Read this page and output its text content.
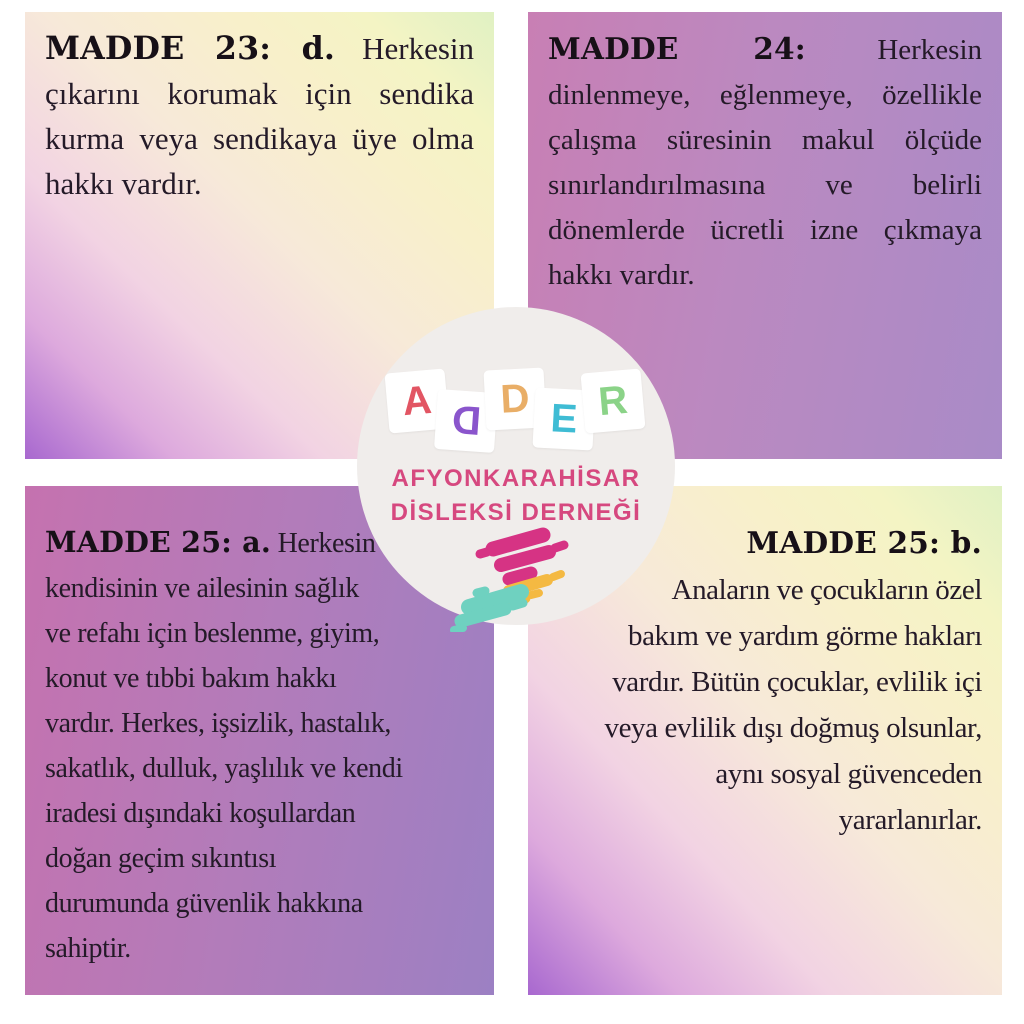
MADDE 23: d. Herkesin
çıkarını korumak için sendika
kurma veya sendikaya üye olma
hakkı vardır.
MADDE 24: Herkesin
dinlenmeye, eğlenmeye, özellikle
çalışma süresinin makul ölçüde
sınırlandırılmasına ve belirli
dönemlerde ücretli izne çıkmaya
hakkı vardır.
MADDE 25: a. Herkesin
kendisinin ve ailesinin sağlık
ve refahı için beslenme, giyim,
konut ve tıbbi bakım hakkı
vardır. Herkes, işsizlik, hastalık,
sakatlık, dulluk, yaşlılık ve kendi
iradesi dışındaki koşullardan
doğan geçim sıkıntısı
durumunda güvenlik hakkına
sahiptir.
MADDE 25: b.
Anaların ve çocukların özel
bakım ve yardım görme hakları
vardır. Bütün çocuklar, evlilik içi
veya evlilik dışı doğmuş olsunlar,
aynı sosyal güvenceden
yararlanırlar.
A D D E R
AFYONKARAHİSAR
DİSLEKSİ DERNEĞİ
